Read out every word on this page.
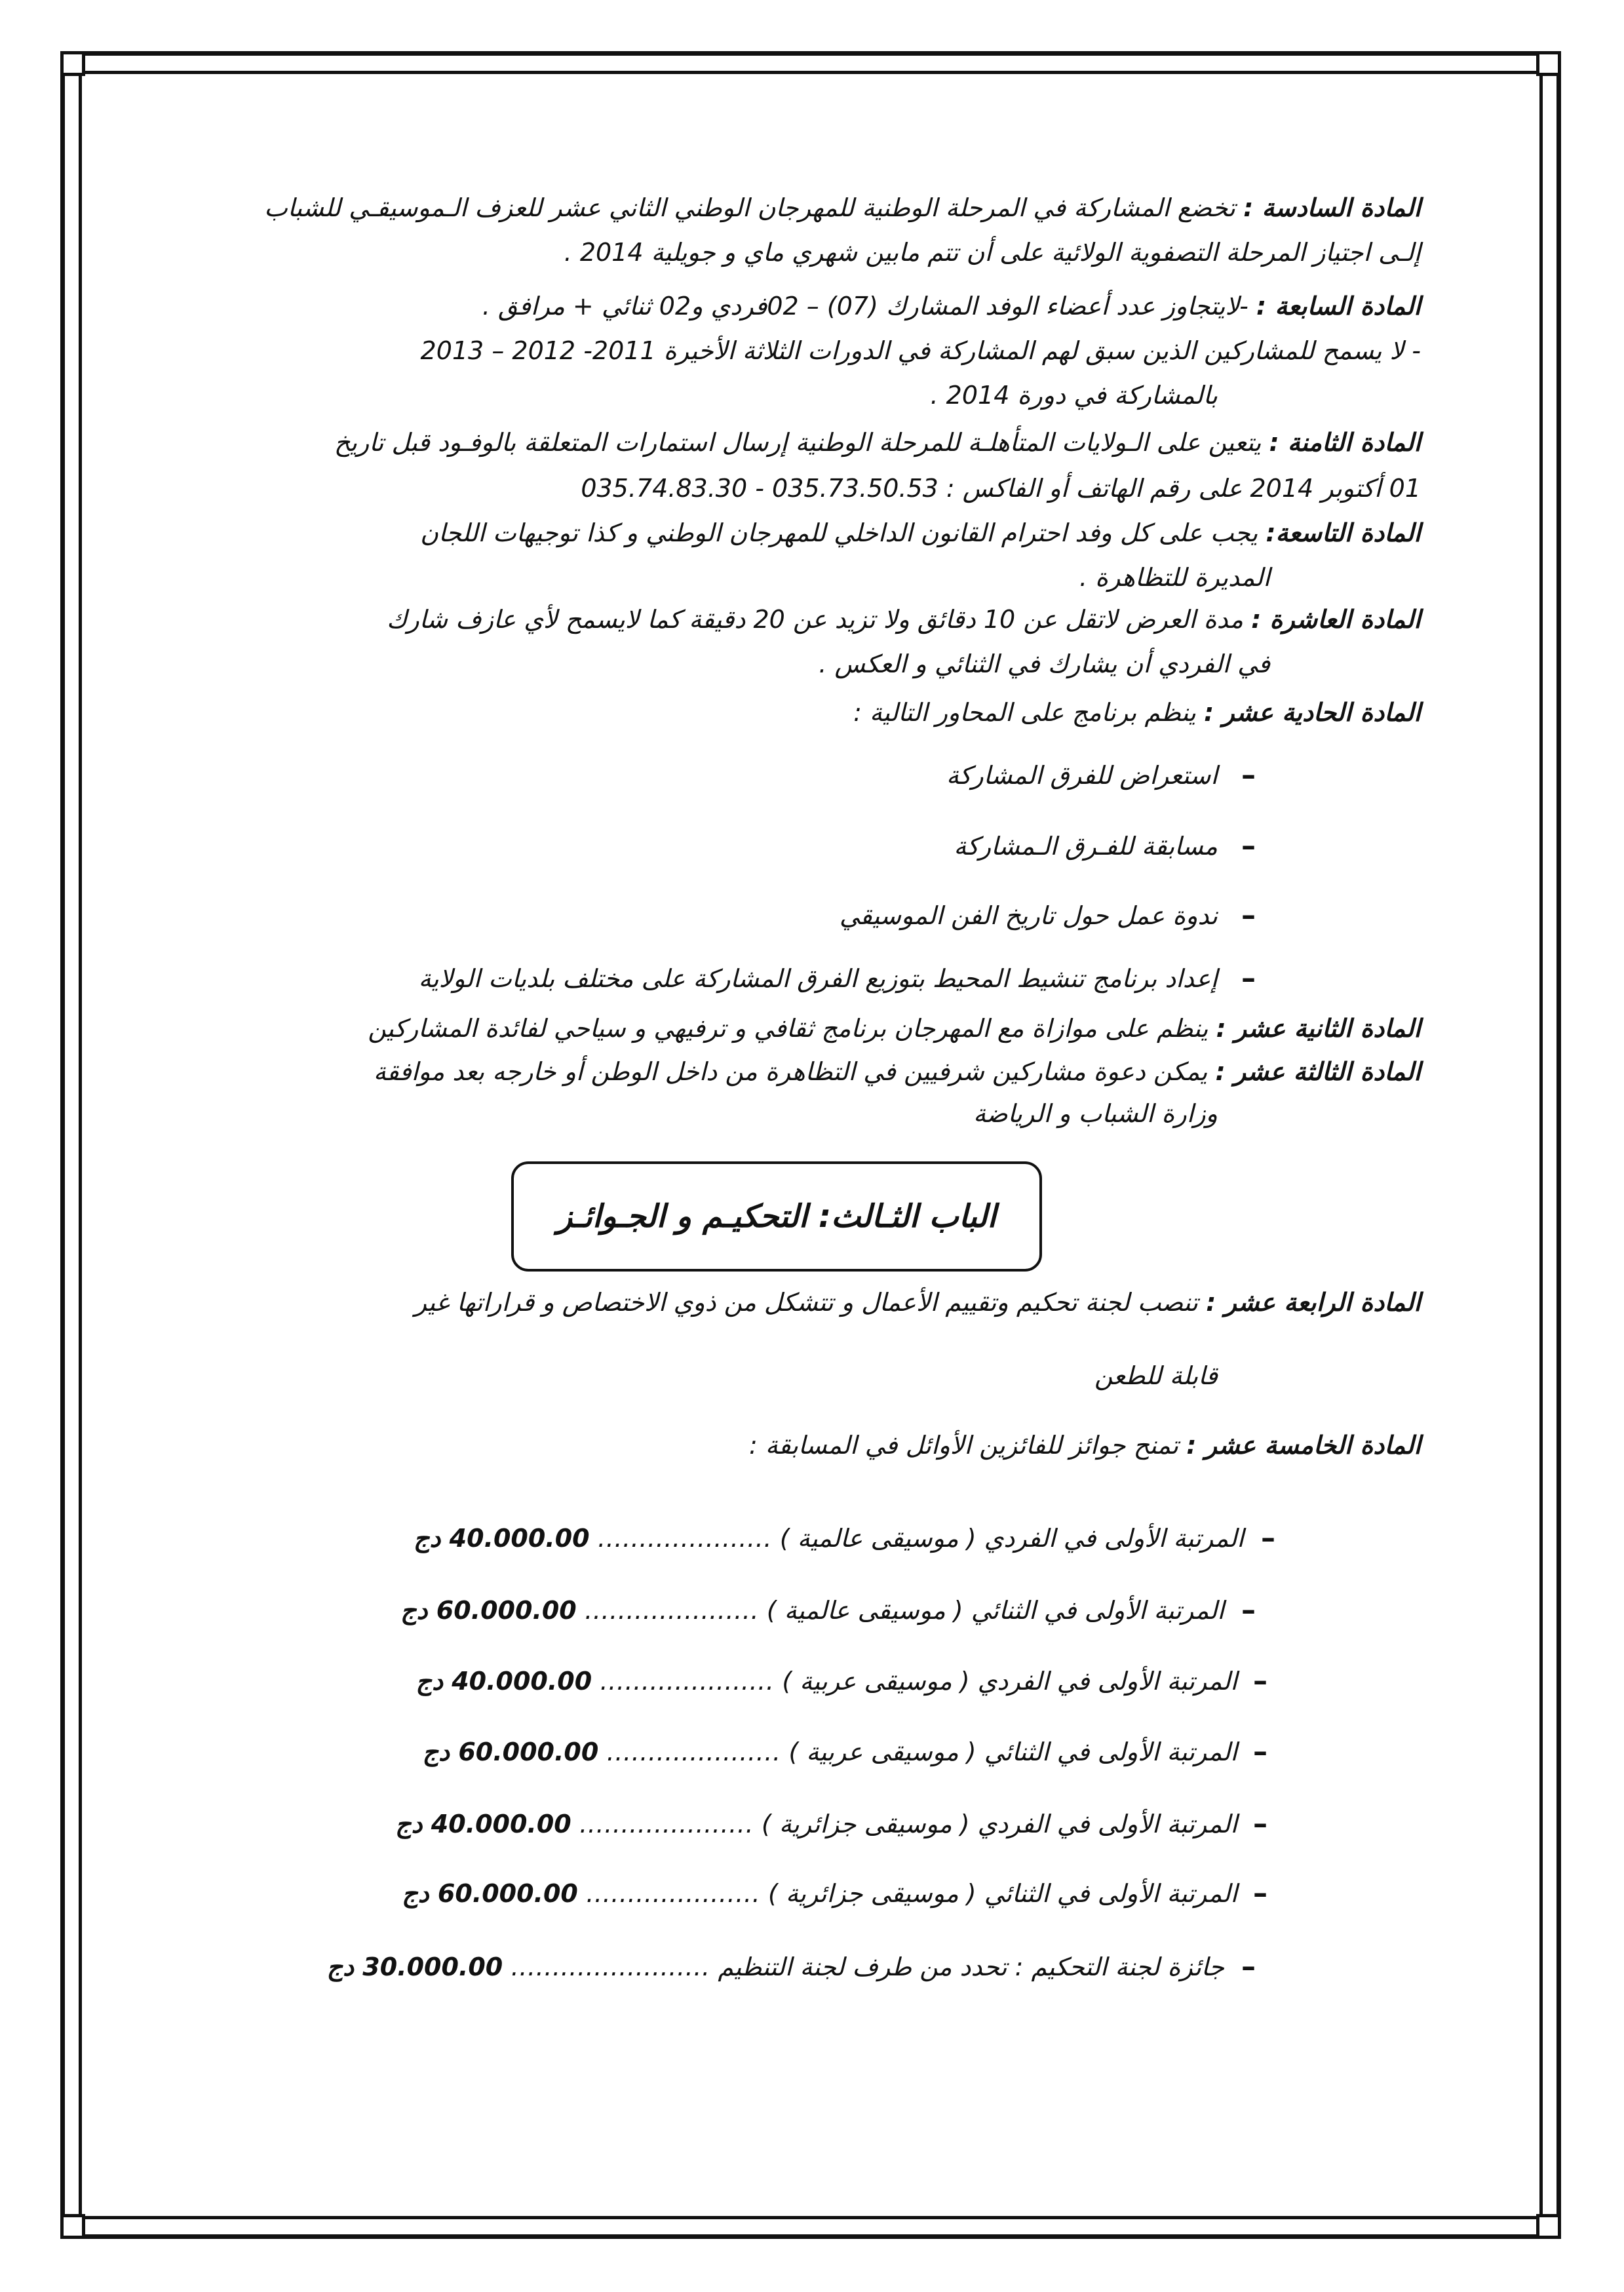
المادة السادسة : تخضع المشاركة في المرحلة الوطنية للمهرجان الوطني الثاني عشر للعزف الـموسيقـي للشباب
إلـى اجتياز المرحلة التصفوية الولائية على أن تتم مابين شهري ماي و جويلية 2014 .
المادة السابعة : -لايتجاوز عدد أعضاء الوفد المشارك (07) – 02فردي و02 ثنائي + مرافق .
- لا يسمح للمشاركين الذين سبق لهم المشاركة في الدورات الثلاثة الأخيرة 2011- 2012 – 2013
بالمشاركة في دورة 2014 .
المادة الثامنة : يتعين على الـولايات المتأهلـة للمرحلة الوطنية إرسال استمارات المتعلقة بالوفـود قبل تاريخ
01 أكتوبر 2014 على رقم الهاتف أو الفاكس : 035.73.50.53 - 035.74.83.30
المادة التاسعة: يجب على كل وفد احترام القانون الداخلي للمهرجان الوطني و كذا توجيهات اللجان
المديرة للتظاهرة .
المادة العاشرة : مدة العرض لاتقل عن 10 دقائق ولا تزيد عن 20 دقيقة كما لايسمح لأي عازف شارك
في الفردي أن يشارك في الثنائي و العكس .
المادة الحادية عشر : ينظم برنامج على المحاور التالية :
–
استعراض للفرق المشاركة
–
مسابقة للفـرق الـمشاركة
–
ندوة عمل حول تاريخ الفن الموسيقي
–
إعداد برنامج تنشيط المحيط بتوزيع الفرق المشاركة على مختلف بلديات الولاية
المادة الثانية عشر : ينظم على موازاة مع المهرجان برنامج ثقافي و ترفيهي و سياحي لفائدة المشاركين
المادة الثالثة عشر : يمكن دعوة مشاركين شرفيين في التظاهرة من داخل الوطن أو خارجه بعد موافقة
وزارة الشباب و الرياضة
الباب الثـالث: التحكيـم و الجـوائـز
المادة الرابعة عشر : تنصب لجنة تحكيم وتقييم الأعمال و تتشكل من ذوي الاختصاص و قراراتها غير
قابلة للطعن
المادة الخامسة عشر : تمنح جوائز للفائزين الأوائل في المسابقة :
–
المرتبة الأولى في الفردي ( موسيقى عالمية ) ………………… 40.000.00 دج
–
المرتبة الأولى في الثنائي ( موسيقى عالمية ) ………………… 60.000.00 دج
–
المرتبة الأولى في الفردي ( موسيقى عربية ) ………………… 40.000.00 دج
–
المرتبة الأولى في الثنائي ( موسيقى عربية ) ………………… 60.000.00 دج
–
المرتبة الأولى في الفردي ( موسيقى جزائرية ) ………………… 40.000.00 دج
–
المرتبة الأولى في الثنائي ( موسيقى جزائرية ) ………………… 60.000.00 دج
–
جائزة لجنة التحكيم : تحدد من طرف لجنة التنظيم …………………… 30.000.00 دج
